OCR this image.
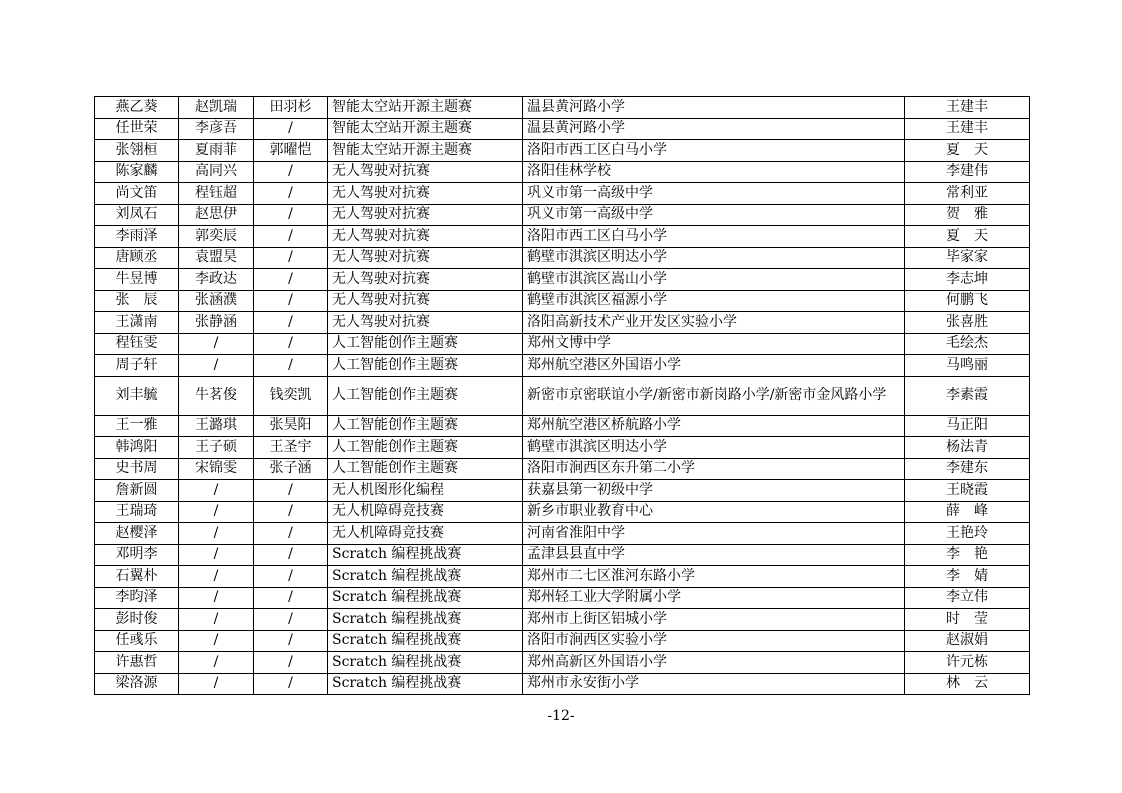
燕乙葵	赵凯瑞	田羽杉	智能太空站开源主题赛	温县黄河路小学	王建丰
任世荣	李彦吾	/	智能太空站开源主题赛	温县黄河路小学	王建丰
张翎桓	夏雨菲	郭曜恺	智能太空站开源主题赛	洛阳市西工区白马小学	夏　天
陈家麟	高同兴	/	无人驾驶对抗赛	洛阳佳林学校	李建伟
尚文笛	程钰超	/	无人驾驶对抗赛	巩义市第一高级中学	常利亚
刘凤石	赵思伊	/	无人驾驶对抗赛	巩义市第一高级中学	贺　雅
李雨泽	郭奕辰	/	无人驾驶对抗赛	洛阳市西工区白马小学	夏　天
唐顾丞	袁盟昊	/	无人驾驶对抗赛	鹤壁市淇滨区明达小学	毕家家
牛昱博	李政达	/	无人驾驶对抗赛	鹤壁市淇滨区嵩山小学	李志坤
张　辰	张涵濮	/	无人驾驶对抗赛	鹤壁市淇滨区福源小学	何鹏飞
王潇南	张静涵	/	无人驾驶对抗赛	洛阳高新技术产业开发区实验小学	张喜胜
程钰雯	/	/	人工智能创作主题赛	郑州文博中学	毛绘杰
周子轩	/	/	人工智能创作主题赛	郑州航空港区外国语小学	马鸣丽
刘丰毓	牛茗俊	钱奕凯	人工智能创作主题赛	新密市京密联谊小学/新密市新岗路小学/新密市金风路小学	李素霞
王一雅	王潞琪	张昊阳	人工智能创作主题赛	郑州航空港区桥航路小学	马正阳
韩鸿阳	王子硕	王圣宇	人工智能创作主题赛	鹤壁市淇滨区明达小学	杨法青
史书周	宋锦雯	张子涵	人工智能创作主题赛	洛阳市涧西区东升第二小学	李建东
詹新圆	/	/	无人机图形化编程	获嘉县第一初级中学	王晓霞
王瑞琦	/	/	无人机障碍竞技赛	新乡市职业教育中心	薛　峰
赵樱泽	/	/	无人机障碍竞技赛	河南省淮阳中学	王艳玲
邓明李	/	/	Scratch 编程挑战赛	孟津县县直中学	李　艳
石翼朴	/	/	Scratch 编程挑战赛	郑州市二七区淮河东路小学	李　婧
李昀泽	/	/	Scratch 编程挑战赛	郑州轻工业大学附属小学	李立伟
彭时俊	/	/	Scratch 编程挑战赛	郑州市上街区铝城小学	时　莹
任彧乐	/	/	Scratch 编程挑战赛	洛阳市涧西区实验小学	赵淑娟
许惠哲	/	/	Scratch 编程挑战赛	郑州高新区外国语小学	许元栋
梁洛源	/	/	Scratch 编程挑战赛	郑州市永安街小学	林　云
-12-
